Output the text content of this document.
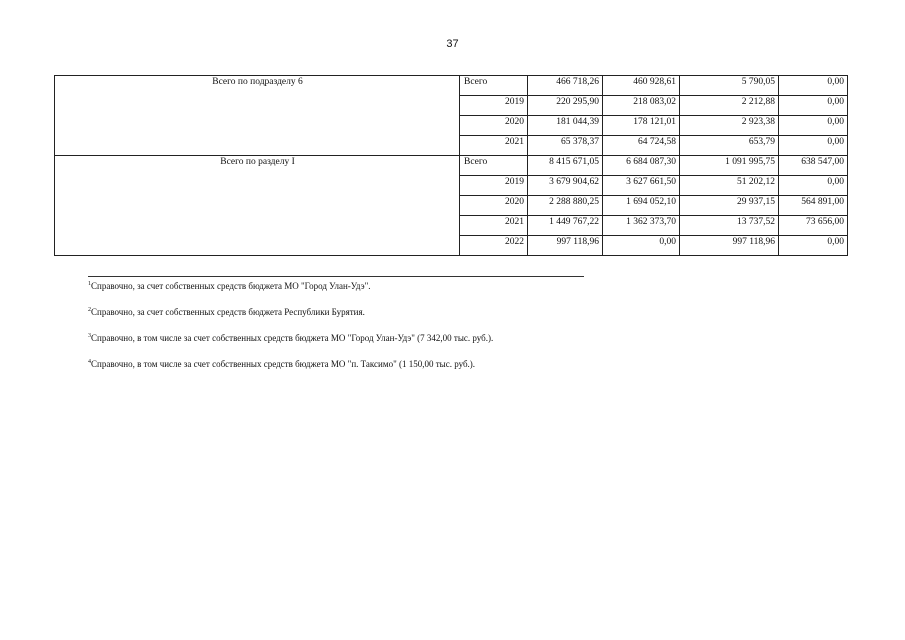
37
Всего по подразделу 6	Всего	466 718,26	460 928,61	5 790,05	0,00
	2019	220 295,90	218 083,02	2 212,88	0,00
	2020	181 044,39	178 121,01	2 923,38	0,00
	2021	65 378,37	64 724,58	653,79	0,00
Всего по разделу I	Всего	8 415 671,05	6 684 087,30	1 091 995,75	638 547,00
	2019	3 679 904,62	3 627 661,50	51 202,12	0,00
	2020	2 288 880,25	1 694 052,10	29 937,15	564 891,00
	2021	1 449 767,22	1 362 373,70	13 737,52	73 656,00
	2022	997 118,96	0,00	997 118,96	0,00

$^1$Справочно, за счет собственных средств бюджета МО "Город Улан-Удэ".

$^2$Справочно, за счет собственных средств бюджета Республики Бурятия.

$^3$Справочно, в том числе за счет собственных средств бюджета МО "Город Улан-Удэ" (7 342,00 тыс. руб.).

$^4$Справочно, в том числе за счет собственных средств бюджета МО "п. Таксимо" (1 150,00 тыс. руб.).
